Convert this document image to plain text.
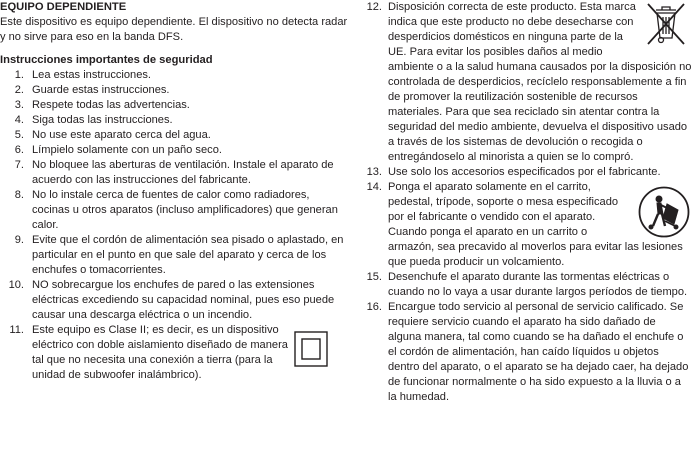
EQUIPO DEPENDIENTE

Este dispositivo es equipo dependiente. El dispositivo no detecta radar y no sirve para eso en la banda DFS.

Instrucciones importantes de seguridad
1. Lea estas instrucciones.
2. Guarde estas instrucciones.
3. Respete todas las advertencias.
4. Siga todas las instrucciones.
5. No use este aparato cerca del agua.
6. Límpielo solamente con un paño seco.
7. No bloquee las aberturas de ventilación. Instale el aparato de acuerdo con las instrucciones del fabricante.
8. No lo instale cerca de fuentes de calor como radiadores, cocinas u otros aparatos (incluso amplificadores) que generan calor.
9. Evite que el cordón de alimentación sea pisado o aplastado, en particular en el punto en que sale del aparato y cerca de los enchufes o tomacorrientes.
10. NO sobrecargue los enchufes de pared o las extensiones eléctricas excediendo su capacidad nominal, pues eso puede causar una descarga eléctrica o un incendio.
11. Este equipo es Clase II; es decir, es un dispositivo eléctrico con doble aislamiento diseñado de manera tal que no necesita una conexión a tierra (para la unidad de subwoofer inalámbrico).
12. Disposición correcta de este producto. Esta marca indica que este producto no debe desecharse con desperdicios domésticos en ninguna parte de la UE. Para evitar los posibles daños al medio ambiente o a la salud humana causados por la disposición no controlada de desperdicios, recíclelo responsablemente a fin de promover la reutilización sostenible de recursos materiales. Para que sea reciclado sin atentar contra la seguridad del medio ambiente, devuelva el dispositivo usado a través de los sistemas de devolución o recogida o entregándoselo al minorista a quien se lo compró.
13. Use solo los accesorios especificados por el fabricante.
14. Ponga el aparato solamente en el carrito, pedestal, trípode, soporte o mesa especificado por el fabricante o vendido con el aparato. Cuando ponga el aparato en un carrito o armazón, sea precavido al moverlos para evitar las lesiones que pueda producir un volcamiento.
15. Desenchufe el aparato durante las tormentas eléctricas o cuando no lo vaya a usar durante largos períodos de tiempo.
16. Encargue todo servicio al personal de servicio calificado. Se requiere servicio cuando el aparato ha sido dañado de alguna manera, tal como cuando se ha dañado el enchufe o el cordón de alimentación, han caído líquidos u objetos dentro del aparato, o el aparato se ha dejado caer, ha dejado de funcionar normalmente o ha sido expuesto a la lluvia o a la humedad.
